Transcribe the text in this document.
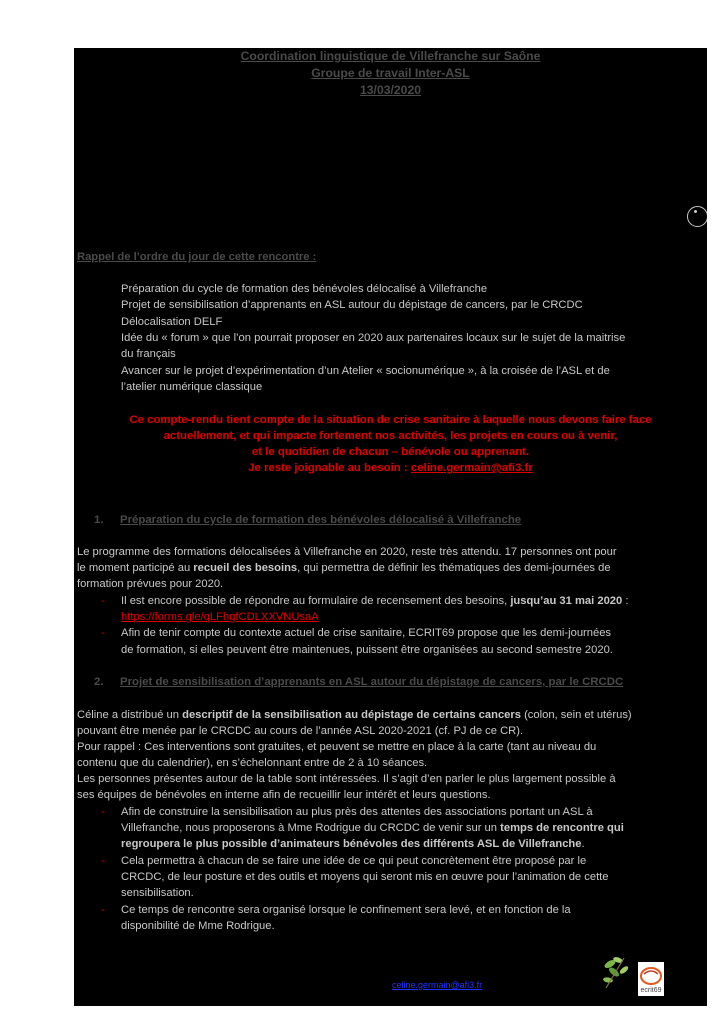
Coordination linguistique de Villefranche sur Saône
Groupe de travail Inter-ASL
13/03/2020
Rappel de l’ordre du jour de cette rencontre :
Préparation du cycle de formation des bénévoles délocalisé à Villefranche
Projet de sensibilisation d’apprenants en ASL autour du dépistage de cancers, par le CRCDC
Délocalisation DELF
Idée du « forum » que l’on pourrait proposer en 2020 aux partenaires locaux sur le sujet de la maitrise
du français
Avancer sur le projet d’expérimentation d’un Atelier « socionumérique », à la croisée de l’ASL et de
l’atelier numérique classique
Ce compte-rendu tient compte de la situation de crise sanitaire à laquelle nous devons faire face
actuellement, et qui impacte fortement nos activités, les projets en cours ou à venir,
et le quotidien de chacun – bénévole ou apprenant.
Je reste joignable au besoin : celine.germain@afi3.fr
1. Préparation du cycle de formation des bénévoles délocalisé à Villefranche
Le programme des formations délocalisées à Villefranche en 2020, reste très attendu. 17 personnes ont pour
le moment participé au recueil des besoins, qui permettra de définir les thématiques des demi-journées de
formation prévues pour 2020.
- Il est encore possible de répondre au formulaire de recensement des besoins, jusqu’au 31 mai 2020 :
https://forms.gle/qLFhgfCDLXXVNUsaA
- Afin de tenir compte du contexte actuel de crise sanitaire, ECRIT69 propose que les demi-journées
de formation, si elles peuvent être maintenues, puissent être organisées au second semestre 2020.
2. Projet de sensibilisation d’apprenants en ASL autour du dépistage de cancers, par le CRCDC
Céline a distribué un descriptif de la sensibilisation au dépistage de certains cancers (colon, sein et utérus)
pouvant être menée par le CRCDC au cours de l’année ASL 2020-2021 (cf. PJ de ce CR).
Pour rappel : Ces interventions sont gratuites, et peuvent se mettre en place à la carte (tant au niveau du
contenu que du calendrier), en s’échelonnant entre de 2 à 10 séances.
Les personnes présentes autour de la table sont intéressées. Il s’agit d’en parler le plus largement possible à
ses équipes de bénévoles en interne afin de recueillir leur intérêt et leurs questions.
- Afin de construire la sensibilisation au plus près des attentes des associations portant un ASL à
Villefranche, nous proposerons à Mme Rodrigue du CRCDC de venir sur un temps de rencontre qui
regroupera le plus possible d’animateurs bénévoles des différents ASL de Villefranche.
- Cela permettra à chacun de se faire une idée de ce qui peut concrètement être proposé par le
CRCDC, de leur posture et des outils et moyens qui seront mis en œuvre pour l’animation de cette
sensibilisation.
- Ce temps de rencontre sera organisé lorsque le confinement sera levé, et en fonction de la
disponibilité de Mme Rodrigue.
celine.germain@afi3.fr
ecrit69
